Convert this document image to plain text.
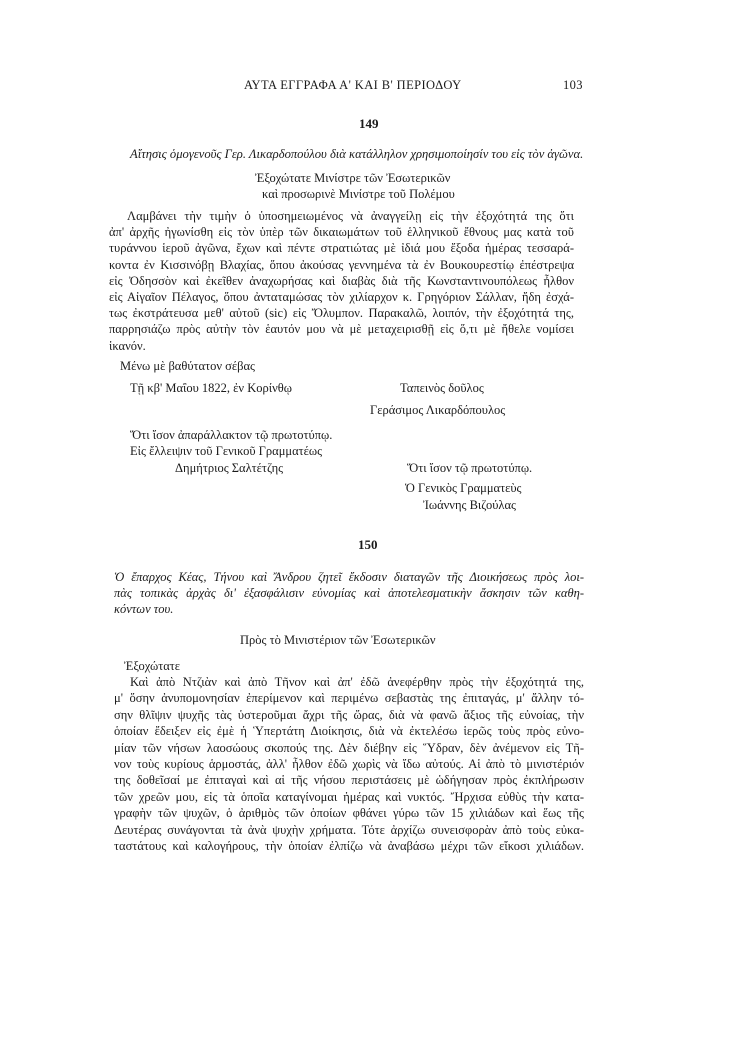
ΑΥΤΑ ΕΓΓΡΑΦΑ Α' ΚΑΙ Β' ΠΕΡΙΟΔΟΥ	103
149
Αἴτησις ὁμογενοῦς Γερ. Λικαρδοπούλου διὰ κατάλληλον χρησιμοποίησίν του εἰς τὸν ἀγῶνα.
Ἐξοχώτατε Μινίστρε τῶν Ἐσωτερικῶν
καὶ προσωρινὲ Μινίστρε τοῦ Πολέμου
Λαμβάνει τὴν τιμὴν ὁ ὑποσημειωμένος νὰ ἀναγγείλῃ εἰς τὴν ἐξοχότητά της ὅτι
ἀπ' ἀρχῆς ἠγωνίσθη εἰς τὸν ὑπὲρ τῶν δικαιωμάτων τοῦ ἑλληνικοῦ ἔθνους μας κατὰ τοῦ
τυράννου ἱεροῦ ἀγῶνα, ἔχων καὶ πέντε στρατιώτας μὲ ἰδιά μου ἔξοδα ἡμέρας τεσσαρά-
κοντα ἐν Κισσινόβῃ Βλαχίας, ὅπου ἀκούσας γεννημένα τὰ ἐν Βουκουρεστίῳ ἐπέστρεψα
εἰς Ὀδησσὸν καὶ ἐκεῖθεν ἀναχωρήσας καὶ διαβὰς διὰ τῆς Κωνσταντινουπόλεως ἦλθον
εἰς Αἰγαῖον Πέλαγος, ὅπου ἀνταταμώσας τὸν χιλίαρχον κ. Γρηγόριον Σάλλαν, ἤδη ἐσχά-
τως ἐκστράτευσα μεθ' αὐτοῦ (sic) εἰς Ὄλυμπον. Παρακαλῶ, λοιπόν, τὴν ἐξοχότητά της,
παρρησιάζω πρὸς αὐτὴν τὸν ἑαυτόν μου νὰ μὲ μεταχειρισθῇ εἰς ὅ,τι μὲ ἤθελε νομίσει
ἱκανόν.
Μένω μὲ βαθύτατον σέβας
Τῇ κβ' Μαΐου 1822, ἐν Κορίνθῳ	Ταπεινὸς δοῦλος
Γεράσιμος Λικαρδόπουλος
Ὅτι ἴσον ἀπαράλλακτον τῷ πρωτοτύπῳ.
Εἰς ἔλλειψιν τοῦ Γενικοῦ Γραμματέως
Δημήτριος Σαλτέτζης	Ὅτι ἴσον τῷ πρωτοτύπῳ.
Ὁ Γενικὸς Γραμματεὺς
Ἰωάννης Βιζούλας
150
Ὁ ἔπαρχος Κέας, Τήνου καὶ Ἄνδρου ζητεῖ ἔκδοσιν διαταγῶν τῆς Διοικήσεως πρὸς λοι-
πὰς τοπικὰς ἀρχὰς δι' ἐξασφάλισιν εὐνομίας καὶ ἀποτελεσματικὴν ἄσκησιν τῶν καθη-
κόντων του.
Πρὸς τὸ Μινιστέριον τῶν Ἐσωτερικῶν
Ἐξοχώτατε
Καὶ ἀπὸ Ντζιὰν καὶ ἀπὸ Τῆνον καὶ ἀπ' ἐδῶ ἀνεφέρθην πρὸς τὴν ἐξοχότητά της,
μ' ὅσην ἀνυπομονησίαν ἐπερίμενον καὶ περιμένω σεβαστὰς της ἐπιταγάς, μ' ἄλλην τό-
σην θλῖψιν ψυχῆς τὰς ὑστεροῦμαι ἄχρι τῆς ὥρας, διὰ νὰ φανῶ ἄξιος τῆς εὐνοίας, τὴν
ὁποίαν ἔδειξεν εἰς ἐμὲ ἡ Ὑπερτάτη Διοίκησις, διὰ νὰ ἐκτελέσω ἱερῶς τοὺς πρὸς εὐνο-
μίαν τῶν νήσων λαοσώους σκοπούς της. Δὲν διέβην εἰς Ὕδραν, δὲν ἀνέμενον εἰς Τῆ-
νον τοὺς κυρίους ἁρμοστάς, ἀλλ' ἦλθον ἐδῶ χωρὶς νὰ ἴδω αὐτούς. Αἱ ἀπὸ τὸ μινιστέριόν
της δοθεῖσαί με ἐπιταγαὶ καὶ αἱ τῆς νήσου περιστάσεις μὲ ὡδήγησαν πρὸς ἐκπλήρωσιν
τῶν χρεῶν μου, εἰς τὰ ὁποῖα καταγίνομαι ἡμέρας καὶ νυκτός. Ἤρχισα εὐθὺς τὴν κατα-
γραφὴν τῶν ψυχῶν, ὁ ἀριθμὸς τῶν ὁποίων φθάνει γύρω τῶν 15 χιλιάδων καὶ ἕως τῆς
Δευτέρας συνάγονται τὰ ἀνὰ ψυχὴν χρήματα. Τότε ἀρχίζω συνεισφορὰν ἀπὸ τοὺς εὐκα-
ταστάτους καὶ καλογήρους, τὴν ὁποίαν ἐλπίζω νὰ ἀναβάσω μέχρι τῶν εἴκοσι χιλιάδων.
